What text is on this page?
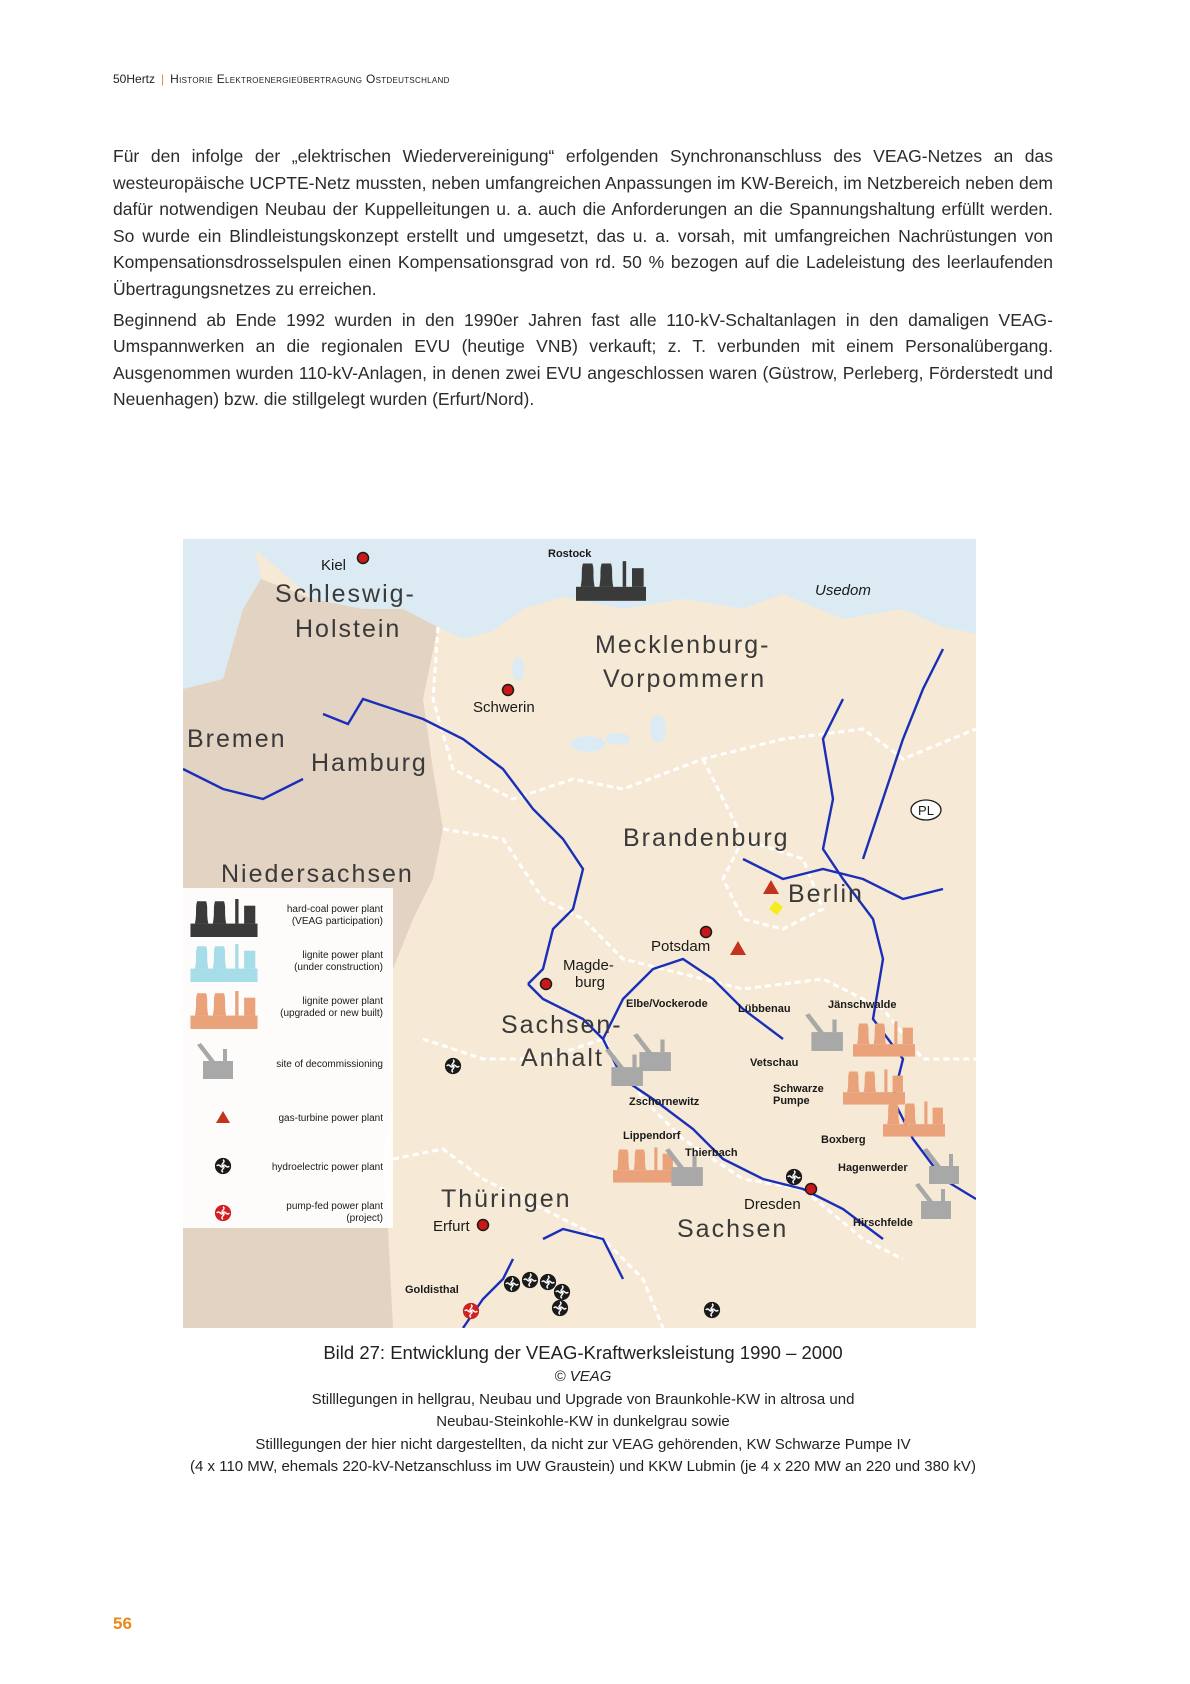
50Hertz | Historie Elektroenergieübertragung Ostdeutschland

Für den infolge der „elektrischen Wiedervereinigung“ erfolgenden Synchronanschluss des VEAG-Netzes an das westeuropäische UCPTE-Netz mussten, neben umfangreichen Anpassungen im KW-Bereich, im Netzbereich neben dem dafür notwendigen Neubau der Kuppelleitungen u. a. auch die Anforderungen an die Spannungshaltung erfüllt werden. So wurde ein Blindleistungskonzept erstellt und umgesetzt, das u. a. vorsah, mit umfangreichen Nachrüstungen von Kompensationsdrosselspulen einen Kompensationsgrad von rd. 50 % bezogen auf die Ladeleistung des leerlaufenden Übertragungsnetzes zu erreichen.

Beginnend ab Ende 1992 wurden in den 1990er Jahren fast alle 110-kV-Schaltanlagen in den damaligen VEAG-Umspannwerken an die regionalen EVU (heutige VNB) verkauft; z. T. verbunden mit einem Personalübergang. Ausgenommen wurden 110-kV-Anlagen, in denen zwei EVU angeschlossen waren (Güstrow, Perleberg, Förderstedt und Neuenhagen) bzw. die stillgelegt wurden (Erfurt/Nord).

Schleswig-
Holstein
Mecklenburg-
Vorpommern
Bremen
Hamburg
Brandenburg
Niedersachsen
Sachsen-
Anhalt
Thüringen
Sachsen
Berlin
Kiel
Rostock
Usedom
Schwerin
Potsdam
Magde-
burg
Erfurt
Dresden
PL
Elbe/Vockerode	Lübbenau	Jänschwalde
Vetschau
Schwarze
Pumpe
Zschornewitz
Lippendorf
Thierbach
Boxberg
Hagenwerder
Hirschfelde
Goldisthal
hard-coal power plant
(VEAG participation)
lignite power plant
(under construction)
lignite power plant
(upgraded or new built)
site of decommissioning
gas-turbine power plant
hydroelectric power plant
pump-fed power plant
(project)
Bild 27: Entwicklung der VEAG-Kraftwerksleistung 1990 – 2000
© VEAG
Stilllegungen in hellgrau, Neubau und Upgrade von Braunkohle-KW in altrosa und
Neubau-Steinkohle-KW in dunkelgrau sowie
Stilllegungen der hier nicht dargestellten, da nicht zur VEAG gehörenden, KW Schwarze Pumpe IV
(4 x 110 MW, ehemals 220-kV-Netzanschluss im UW Graustein) und KKW Lubmin (je 4 x 220 MW an 220 und 380 kV)
56
